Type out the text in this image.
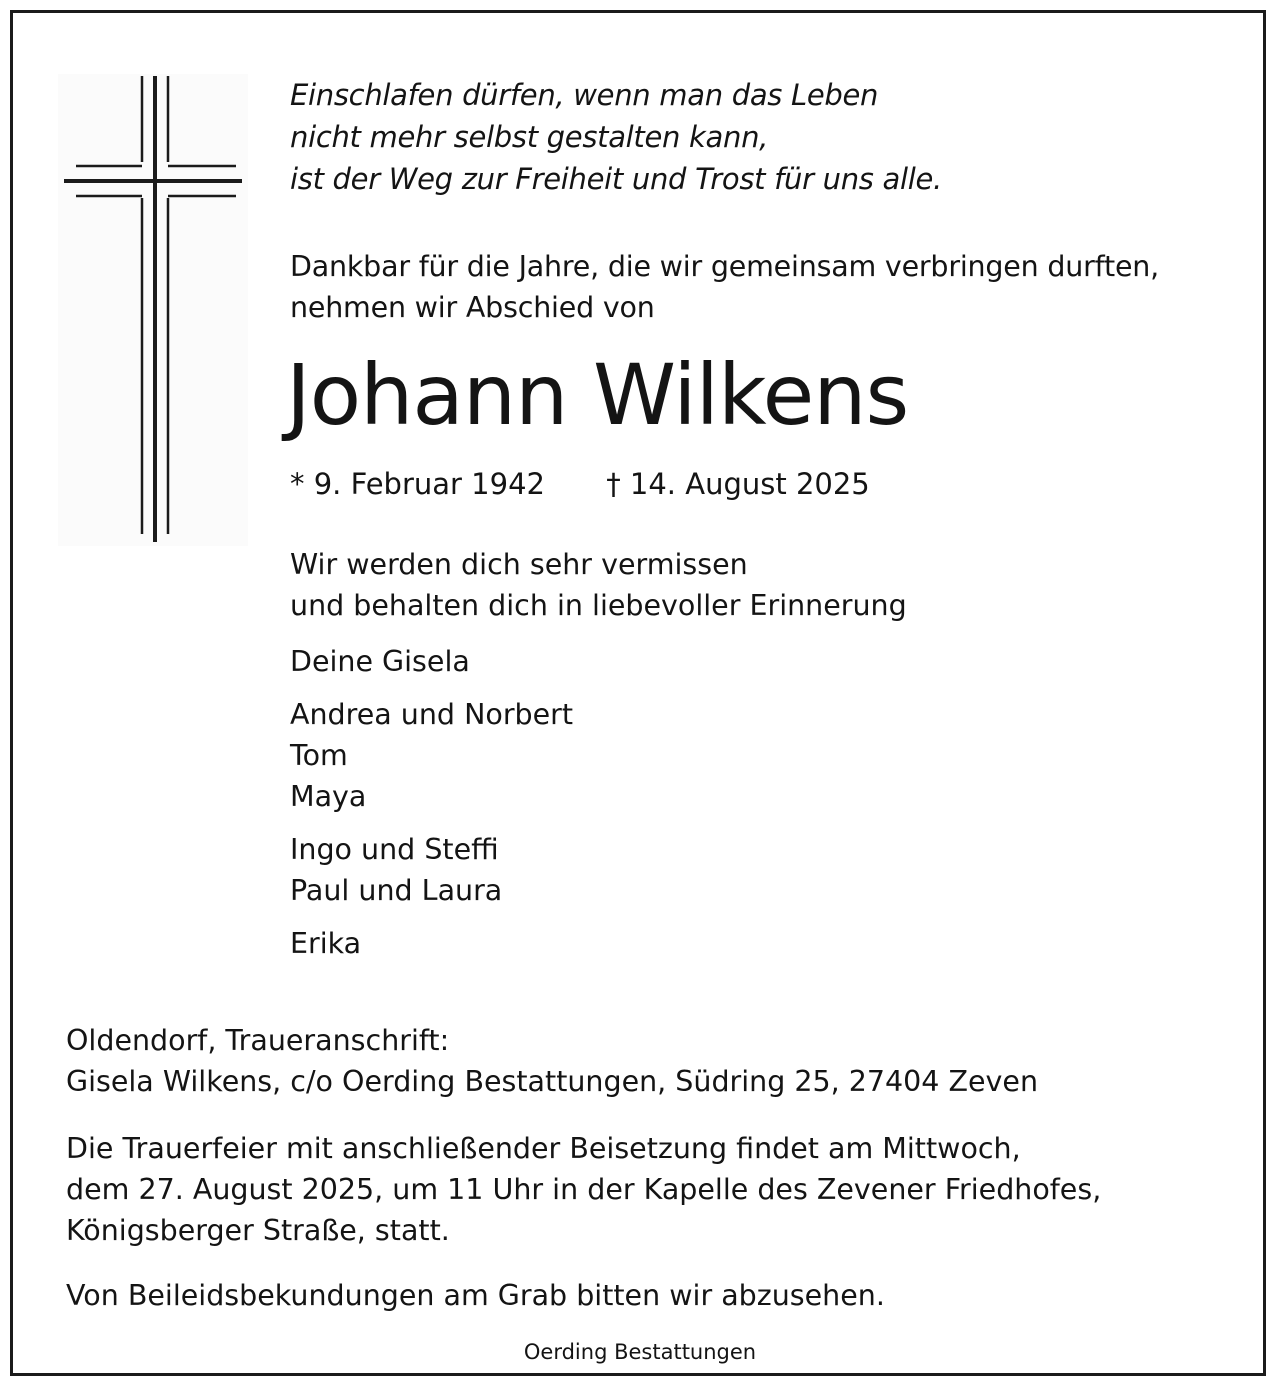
Einschlafen dürfen, wenn man das Leben
nicht mehr selbst gestalten kann,
ist der Weg zur Freiheit und Trost für uns alle.
Dankbar für die Jahre, die wir gemeinsam verbringen durften,
nehmen wir Abschied von
Johann Wilkens
* 9. Februar 1942 † 14. August 2025
Wir werden dich sehr vermissen
und behalten dich in liebevoller Erinnerung
Deine Gisela
Andrea und Norbert
Tom
Maya
Ingo und Steffi
Paul und Laura
Erika
Oldendorf, Traueranschrift:
Gisela Wilkens, c/o Oerding Bestattungen, Südring 25, 27404 Zeven
Die Trauerfeier mit anschließender Beisetzung findet am Mittwoch,
dem 27. August 2025, um 11 Uhr in der Kapelle des Zevener Friedhofes,
Königsberger Straße, statt.
Von Beileidsbekundungen am Grab bitten wir abzusehen.
Oerding Bestattungen
